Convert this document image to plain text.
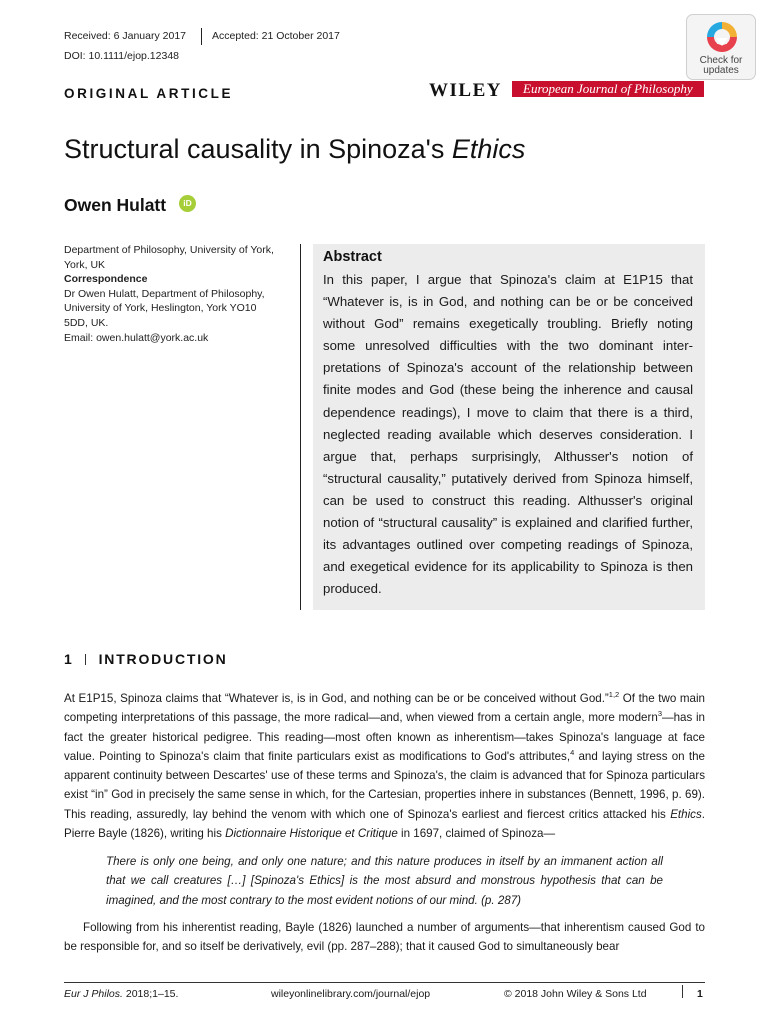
Received: 6 January 2017 Accepted: 21 October 2017
DOI: 10.1111/ejop.12348	Check for
updates
ORIGINAL ARTICLE	WILEY	European Journal of Philosophy
Structural causality in Spinoza's Ethics
Owen Hulatt	iD
Department of Philosophy, University of York,
York, UK
Correspondence
Dr Owen Hulatt, Department of Philosophy,
University of York, Heslington, York YO10
5DD, UK.
Email: owen.hulatt@york.ac.uk
Abstract

In this paper, I argue that Spinoza's claim at E1P15 that “Whatever is, is in God, and nothing can be or be conceived without God” remains exegetically troubling. Briefly noting some unresolved difficulties with the two dominant interpretations of Spinoza's account of the relationship between finite modes and God (these being the inherence and causal dependence readings), I move to claim that there is a third, neglected reading available which deserves consideration. I argue that, perhaps surprisingly, Althusser's notion of “structural causality,” putatively derived from Spinoza himself, can be used to construct this reading. Althusser's original notion of “structural causality” is explained and clarified further, its advantages outlined over competing readings of Spinoza, and exegetical evidence for its applicability to Spinoza is then produced.

1 INTRODUCTION
At E1P15, Spinoza claims that “Whatever is, is in God, and nothing can be or be conceived without God.”$^{1,2}$ Of the two main competing interpretations of this passage, the more radical—and, when viewed from a certain angle, more modern$^3$—has in fact the greater historical pedigree. This reading—most often known as inherentism—takes Spinoza's language at face value. Pointing to Spinoza's claim that finite particulars exist as modifications to God's attributes,$^4$ and laying stress on the apparent continuity between Descartes' use of these terms and Spinoza's, the claim is advanced that for Spinoza particulars exist “in” God in precisely the same sense in which, for the Cartesian, properties inhere in substances (Bennett, 1996, p. 69). This reading, assuredly, lay behind the venom with which one of Spinoza's earliest and fiercest critics attacked his Ethics. Pierre Bayle (1826), writing his Dictionnaire Historique et Critique in 1697, claimed of Spinoza—
There is only one being, and only one nature; and this nature produces in itself by an immanent action all that we call creatures […] [Spinoza's Ethics] is the most absurd and monstrous hypothesis that can be imagined, and the most contrary to the most evident notions of our mind. (p. 287)
Following from his inherentist reading, Bayle (1826) launched a number of arguments—that inherentism caused God to be responsible for, and so itself be derivatively, evil (pp. 287–288); that it caused God to simultaneously bear
Eur J Philos. 2018;1–15.	wileyonlinelibrary.com/journal/ejop	© 2018 John Wiley & Sons Ltd	1
